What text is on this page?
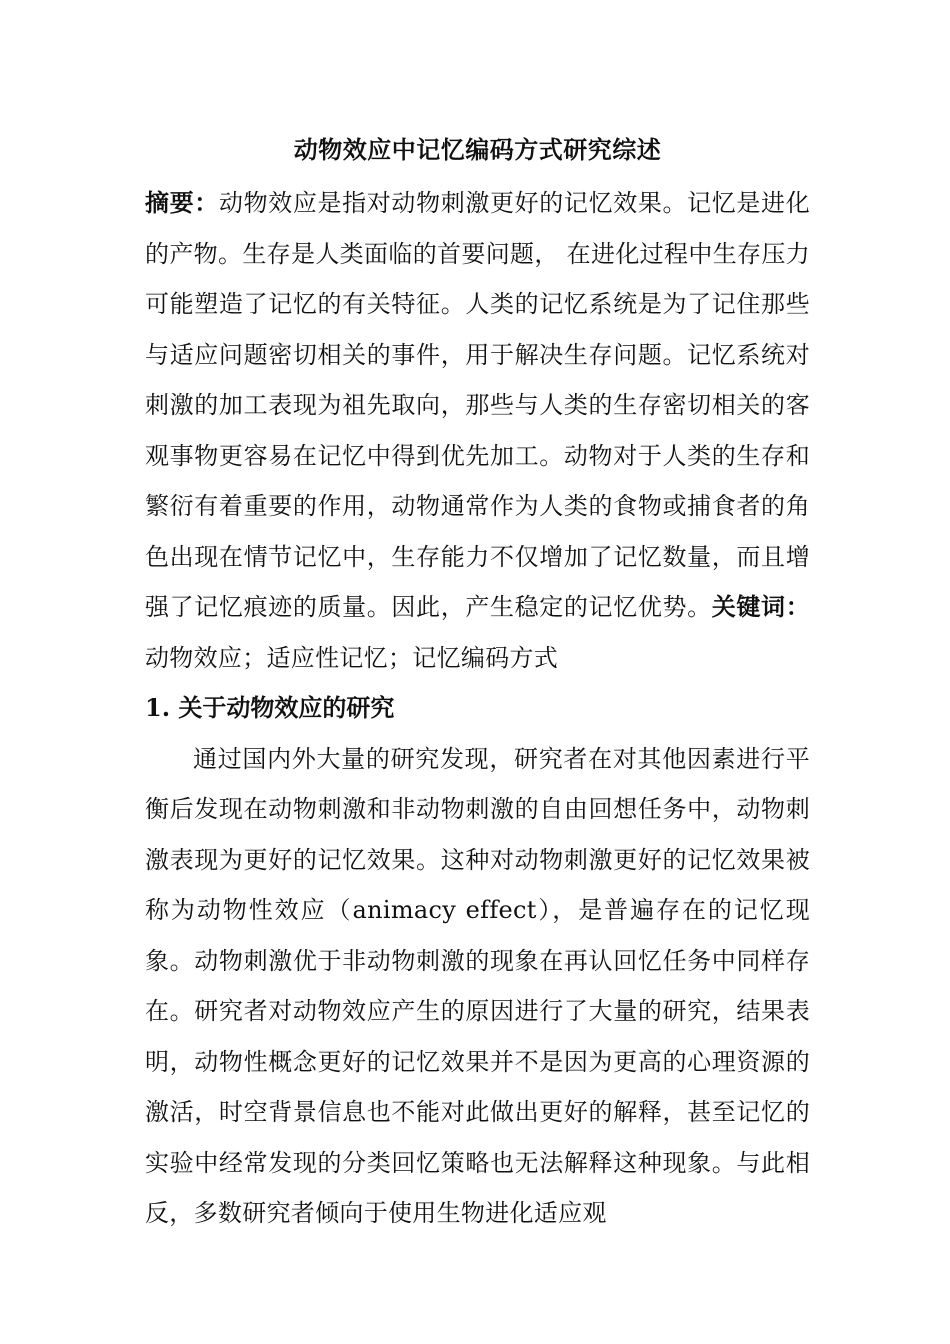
动物效应中记忆编码方式研究综述

摘要：动物效应是指对动物刺激更好的记忆效果。记忆是进化的产物。生存是人类面临的首要问题， 在进化过程中生存压力可能塑造了记忆的有关特征。人类的记忆系统是为了记住那些与适应问题密切相关的事件，用于解决生存问题。记忆系统对刺激的加工表现为祖先取向，那些与人类的生存密切相关的客观事物更容易在记忆中得到优先加工。动物对于人类的生存和繁衍有着重要的作用，动物通常作为人类的食物或捕食者的角色出现在情节记忆中，生存能力不仅增加了记忆数量，而且增强了记忆痕迹的质量。因此，产生稳定的记忆优势。关键词：动物效应；适应性记忆；记忆编码方式

1. 关于动物效应的研究

通过国内外大量的研究发现，研究者在对其他因素进行平衡后发现在动物刺激和非动物刺激的自由回想任务中，动物刺激表现为更好的记忆效果。这种对动物刺激更好的记忆效果被称为动物性效应（animacy effect），是普遍存在的记忆现象。动物刺激优于非动物刺激的现象在再认回忆任务中同样存在。研究者对动物效应产生的原因进行了大量的研究，结果表明，动物性概念更好的记忆效果并不是因为更高的心理资源的激活，时空背景信息也不能对此做出更好的解释，甚至记忆的实验中经常发现的分类回忆策略也无法解释这种现象。与此相反，多数研究者倾向于使用生物进化适应观
